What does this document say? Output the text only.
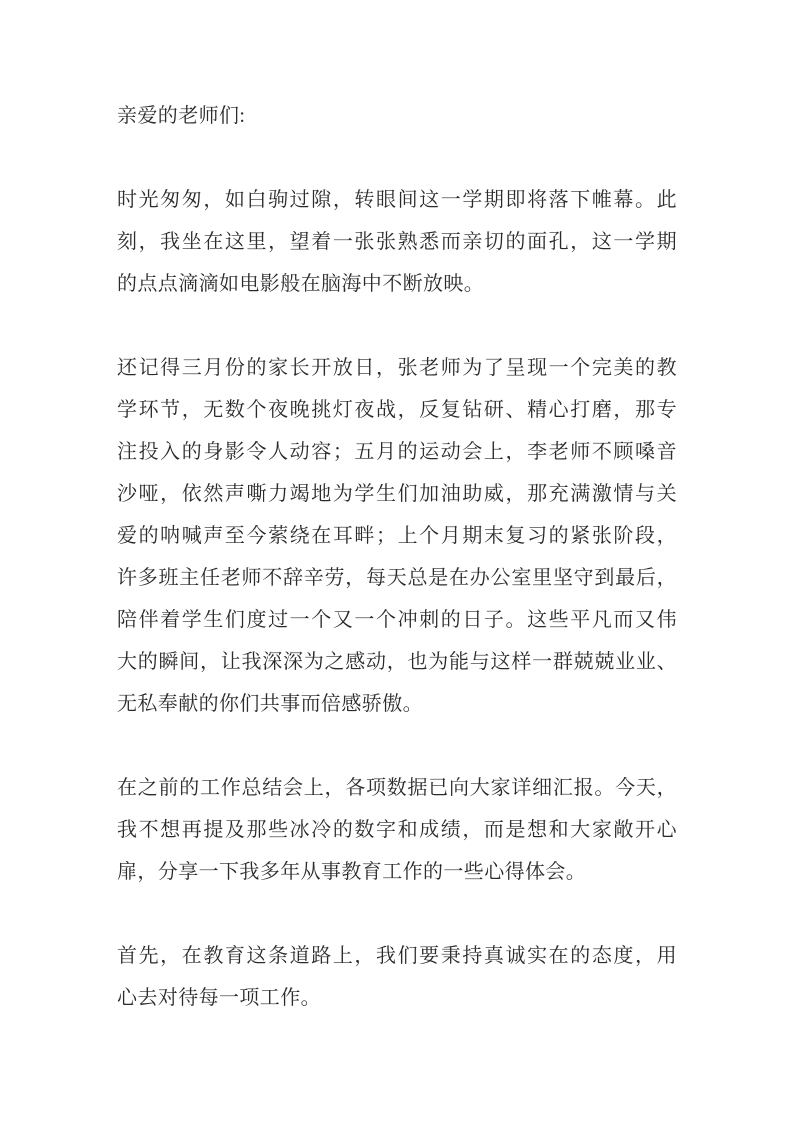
亲爱的老师们:

时光匆匆，如白驹过隙，转眼间这一学期即将落下帷幕。此
刻，我坐在这里，望着一张张熟悉而亲切的面孔，这一学期
的点点滴滴如电影般在脑海中不断放映。

还记得三月份的家长开放日，张老师为了呈现一个完美的教
学环节，无数个夜晚挑灯夜战，反复钻研、精心打磨，那专
注投入的身影令人动容；五月的运动会上，李老师不顾嗓音
沙哑，依然声嘶力竭地为学生们加油助威，那充满激情与关
爱的呐喊声至今萦绕在耳畔；上个月期末复习的紧张阶段，
许多班主任老师不辞辛劳，每天总是在办公室里坚守到最后，
陪伴着学生们度过一个又一个冲刺的日子。这些平凡而又伟
大的瞬间，让我深深为之感动，也为能与这样一群兢兢业业、
无私奉献的你们共事而倍感骄傲。

在之前的工作总结会上，各项数据已向大家详细汇报。今天，
我不想再提及那些冰冷的数字和成绩，而是想和大家敞开心
扉，分享一下我多年从事教育工作的一些心得体会。

首先，在教育这条道路上，我们要秉持真诚实在的态度，用
心去对待每一项工作。
